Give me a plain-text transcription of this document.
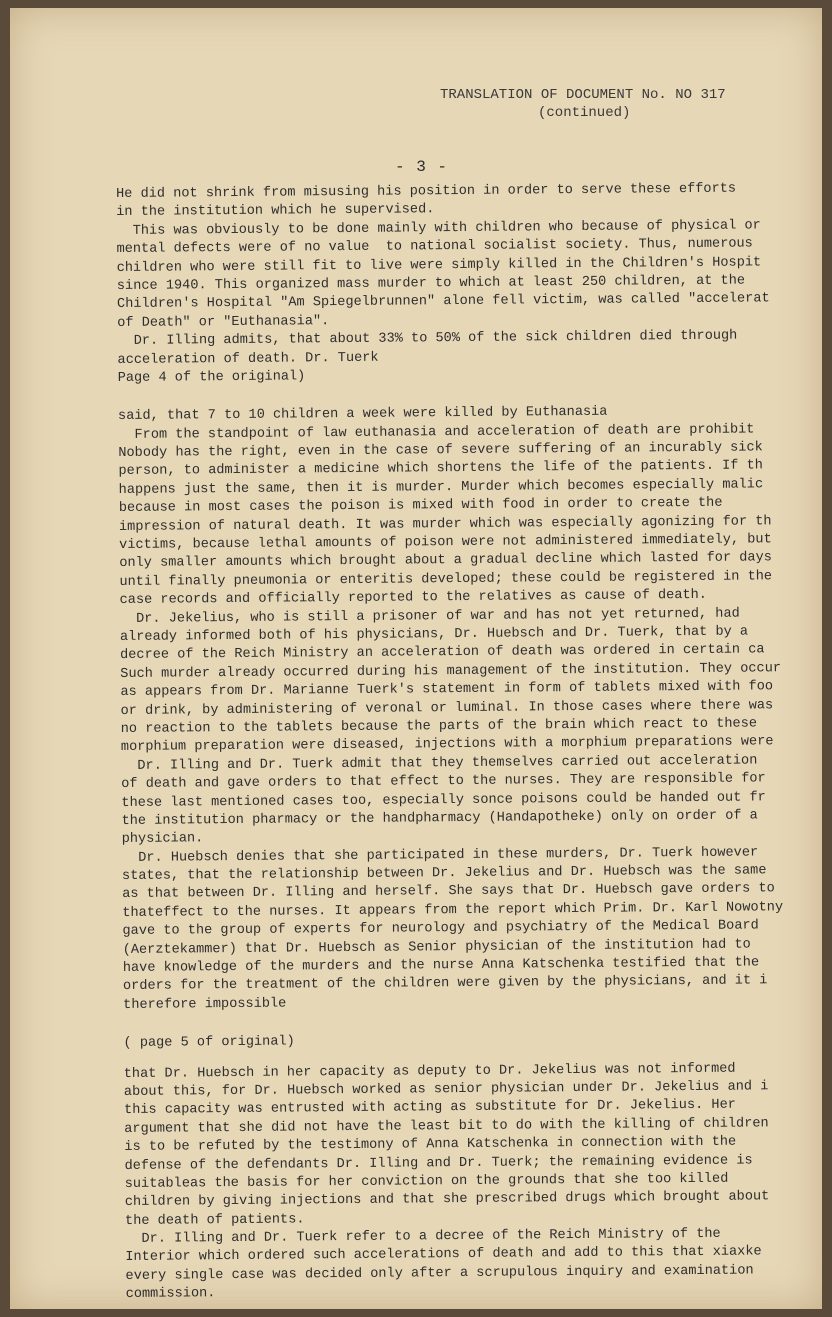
TRANSLATION OF DOCUMENT No. NO 317
(continued)
- 3 -
He did not shrink from misusing his position in order to serve these efforts
in the institution which he supervised.
This was obviously to be done mainly with children who because of physical or
mental defects were of no value  to national socialist society. Thus, numerous
children who were still fit to live were simply killed in the Children's Hospit
since 1940. This organized mass murder to which at least 250 children, at the
Children's Hospital "Am Spiegelbrunnen" alone fell victim, was called "accelerat
of Death" or "Euthanasia".
Dr. Illing admits, that about 33% to 50% of the sick children died through
acceleration of death. Dr. Tuerk
Page 4 of the original)
said, that 7 to 10 children a week were killed by Euthanasia
From the standpoint of law euthanasia and acceleration of death are prohibit
Nobody has the right, even in the case of severe suffering of an incurably sick
person, to administer a medicine which shortens the life of the patients. If th
happens just the same, then it is murder. Murder which becomes especially malic
because in most cases the poison is mixed with food in order to create the
impression of natural death. It was murder which was especially agonizing for th
victims, because lethal amounts of poison were not administered immediately, but
only smaller amounts which brought about a gradual decline which lasted for days
until finally pneumonia or enteritis developed; these could be registered in the
case records and officially reported to the relatives as cause of death.
Dr. Jekelius, who is still a prisoner of war and has not yet returned, had
already informed both of his physicians, Dr. Huebsch and Dr. Tuerk, that by a
decree of the Reich Ministry an acceleration of death was ordered in certain ca
Such murder already occurred during his management of the institution. They occur
as appears from Dr. Marianne Tuerk's statement in form of tablets mixed with foo
or drink, by administering of veronal or luminal. In those cases where there was
no reaction to the tablets because the parts of the brain which react to these
morphium preparation were diseased, injections with a morphium preparations were
Dr. Illing and Dr. Tuerk admit that they themselves carried out acceleration
of death and gave orders to that effect to the nurses. They are responsible for
these last mentioned cases too, especially sonce poisons could be handed out fr
the institution pharmacy or the handpharmacy (Handapotheke) only on order of a
physician.
Dr. Huebsch denies that she participated in these murders, Dr. Tuerk however
states, that the relationship between Dr. Jekelius and Dr. Huebsch was the same
as that between Dr. Illing and herself. She says that Dr. Huebsch gave orders to
thateffect to the nurses. It appears from the report which Prim. Dr. Karl Nowotny
gave to the group of experts for neurology and psychiatry of the Medical Board
(Aerztekammer) that Dr. Huebsch as Senior physician of the institution had to
have knowledge of the murders and the nurse Anna Katschenka testified that the
orders for the treatment of the children were given by the physicians, and it i
therefore impossible
( page 5 of original)
that Dr. Huebsch in her capacity as deputy to Dr. Jekelius was not informed
about this, for Dr. Huebsch worked as senior physician under Dr. Jekelius and i
this capacity was entrusted with acting as substitute for Dr. Jekelius. Her
argument that she did not have the least bit to do with the killing of children
is to be refuted by the testimony of Anna Katschenka in connection with the
defense of the defendants Dr. Illing and Dr. Tuerk; the remaining evidence is
suitableas the basis for her conviction on the grounds that she too killed
children by giving injections and that she prescribed drugs which brought about
the death of patients.
Dr. Illing and Dr. Tuerk refer to a decree of the Reich Ministry of the
Interior which ordered such accelerations of death and add to this that xiaxke
every single case was decided only after a scrupulous inquiry and examination
commission.
